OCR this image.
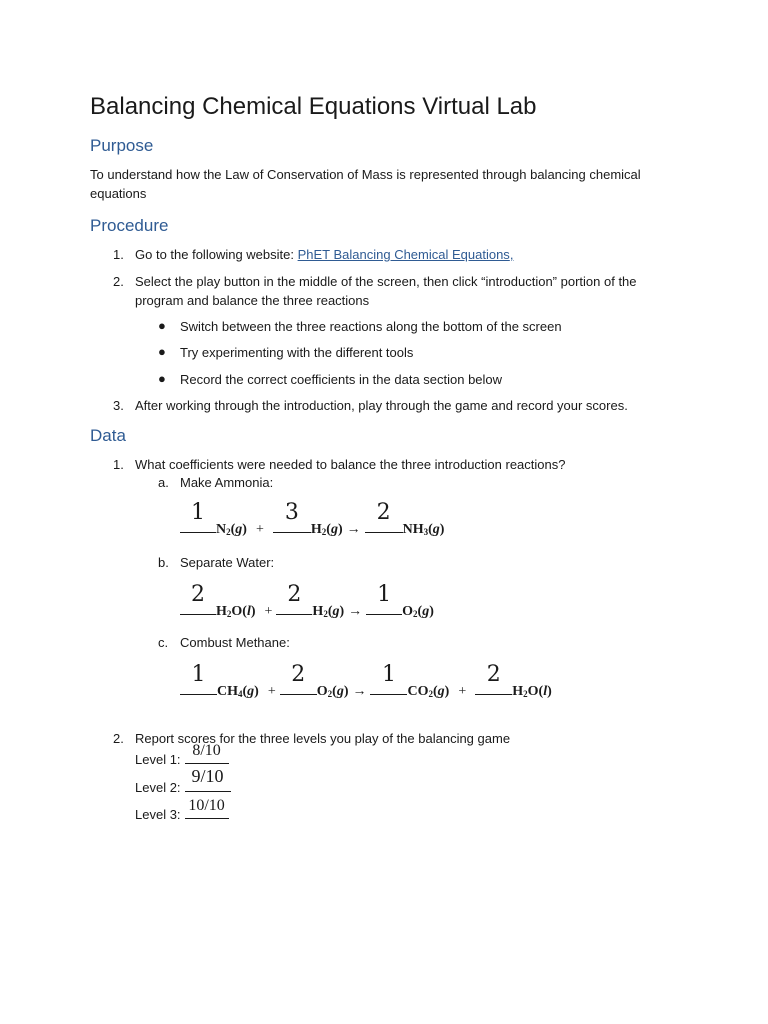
Balancing Chemical Equations Virtual Lab
Purpose

To understand how the Law of Conservation of Mass is represented through balancing chemical equations

Procedure
1. Go to the following website: PhET Balancing Chemical Equations,

2. Select the play button in the middle of the screen, then click “introduction” portion of the program and balance the three reactions

● Switch between the three reactions along the bottom of the screen

● Try experimenting with the different tools

● Record the correct coefficients in the data section below

3. After working through the introduction, play through the game and record your scores.

Data
1. What coefficients were needed to balance the three introduction reactions?

a. Make Ammonia:

1
$N_2(g)$ +
3
$H_2(g)$ →
2
$NH_3(g)$
b. Separate Water:

2
$H_2O(l)$ +
2
$H_2(g)$ →
1
$O_2(g)$
c. Combust Methane:

1
$CH_4(g)$ +
2
$O_2(g)$ →
1
$CO_2(g)$ +
2
$H_2O(l)$
2. Report scores for the three levels you play of the balancing game

Level 1:
8/10

Level 2:
9/10

Level 3:
10/10
